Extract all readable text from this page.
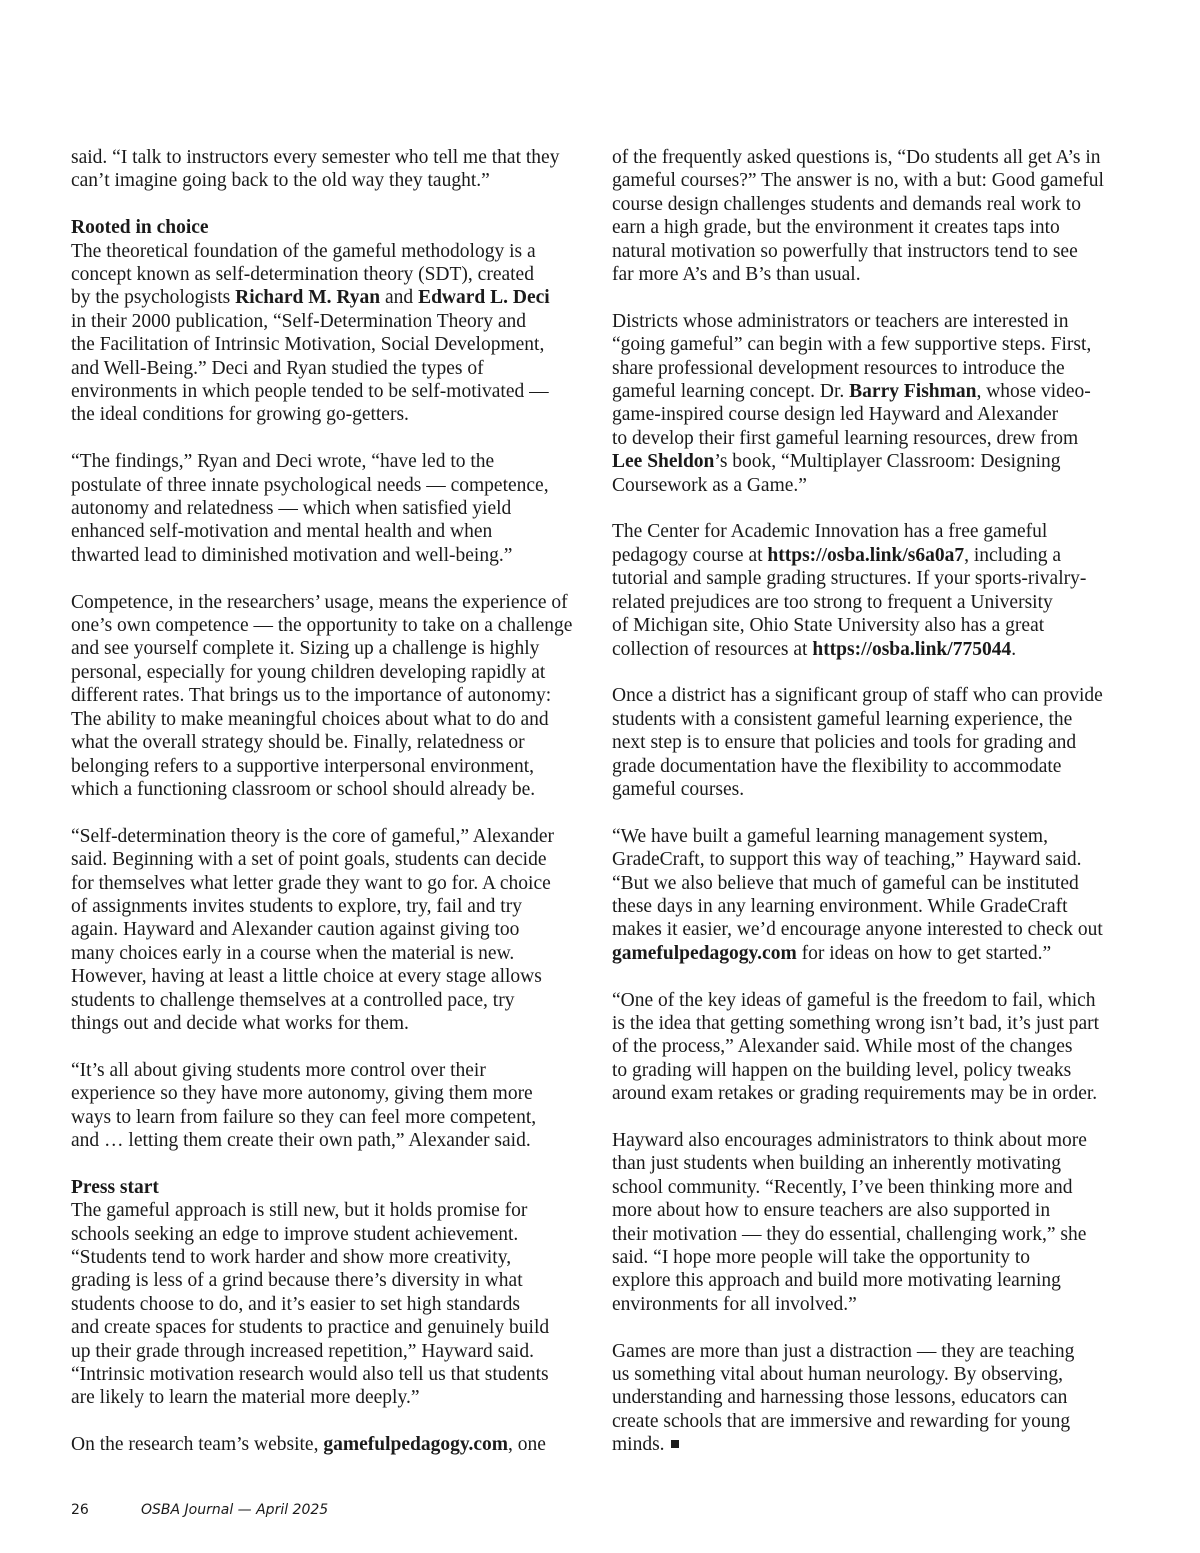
said. “I talk to instructors every semester who tell me that they
can’t imagine going back to the old way they taught.”

Rooted in choice

The theoretical foundation of the gameful methodology is a
concept known as self-determination theory (SDT), created
by the psychologists Richard M. Ryan and Edward L. Deci
in their 2000 publication, “Self-Determination Theory and
the Facilitation of Intrinsic Motivation, Social Development,
and Well-Being.” Deci and Ryan studied the types of
environments in which people tended to be self-motivated —
the ideal conditions for growing go-getters.

“The findings,” Ryan and Deci wrote, “have led to the
postulate of three innate psychological needs — competence,
autonomy and relatedness — which when satisfied yield
enhanced self-motivation and mental health and when
thwarted lead to diminished motivation and well-being.”

Competence, in the researchers’ usage, means the experience of
one’s own competence — the opportunity to take on a challenge
and see yourself complete it. Sizing up a challenge is highly
personal, especially for young children developing rapidly at
different rates. That brings us to the importance of autonomy:
The ability to make meaningful choices about what to do and
what the overall strategy should be. Finally, relatedness or
belonging refers to a supportive interpersonal environment,
which a functioning classroom or school should already be.

“Self-determination theory is the core of gameful,” Alexander
said. Beginning with a set of point goals, students can decide
for themselves what letter grade they want to go for. A choice
of assignments invites students to explore, try, fail and try
again. Hayward and Alexander caution against giving too
many choices early in a course when the material is new.
However, having at least a little choice at every stage allows
students to challenge themselves at a controlled pace, try
things out and decide what works for them.

“It’s all about giving students more control over their
experience so they have more autonomy, giving them more
ways to learn from failure so they can feel more competent,
and … letting them create their own path,” Alexander said.

Press start

The gameful approach is still new, but it holds promise for
schools seeking an edge to improve student achievement.
“Students tend to work harder and show more creativity,
grading is less of a grind because there’s diversity in what
students choose to do, and it’s easier to set high standards
and create spaces for students to practice and genuinely build
up their grade through increased repetition,” Hayward said.
“Intrinsic motivation research would also tell us that students
are likely to learn the material more deeply.”

On the research team’s website, gamefulpedagogy.com, one

of the frequently asked questions is, “Do students all get A’s in
gameful courses?” The answer is no, with a but: Good gameful
course design challenges students and demands real work to
earn a high grade, but the environment it creates taps into
natural motivation so powerfully that instructors tend to see
far more A’s and B’s than usual.

Districts whose administrators or teachers are interested in
“going gameful” can begin with a few supportive steps. First,
share professional development resources to introduce the
gameful learning concept. Dr. Barry Fishman, whose video-
game-inspired course design led Hayward and Alexander
to develop their first gameful learning resources, drew from
Lee Sheldon’s book, “Multiplayer Classroom: Designing
Coursework as a Game.”

The Center for Academic Innovation has a free gameful
pedagogy course at https://osba.link/s6a0a7, including a
tutorial and sample grading structures. If your sports-rivalry-
related prejudices are too strong to frequent a University
of Michigan site, Ohio State University also has a great
collection of resources at https://osba.link/775044.

Once a district has a significant group of staff who can provide
students with a consistent gameful learning experience, the
next step is to ensure that policies and tools for grading and
grade documentation have the flexibility to accommodate
gameful courses.

“We have built a gameful learning management system,
GradeCraft, to support this way of teaching,” Hayward said.
“But we also believe that much of gameful can be instituted
these days in any learning environment. While GradeCraft
makes it easier, we’d encourage anyone interested to check out
gamefulpedagogy.com for ideas on how to get started.”

“One of the key ideas of gameful is the freedom to fail, which
is the idea that getting something wrong isn’t bad, it’s just part
of the process,” Alexander said. While most of the changes
to grading will happen on the building level, policy tweaks
around exam retakes or grading requirements may be in order.

Hayward also encourages administrators to think about more
than just students when building an inherently motivating
school community. “Recently, I’ve been thinking more and
more about how to ensure teachers are also supported in
their motivation — they do essential, challenging work,” she
said. “I hope more people will take the opportunity to
explore this approach and build more motivating learning
environments for all involved.”

Games are more than just a distraction — they are teaching
us something vital about human neurology. By observing,
understanding and harnessing those lessons, educators can
create schools that are immersive and rewarding for young
minds.

26	OSBA Journal — April 2025
